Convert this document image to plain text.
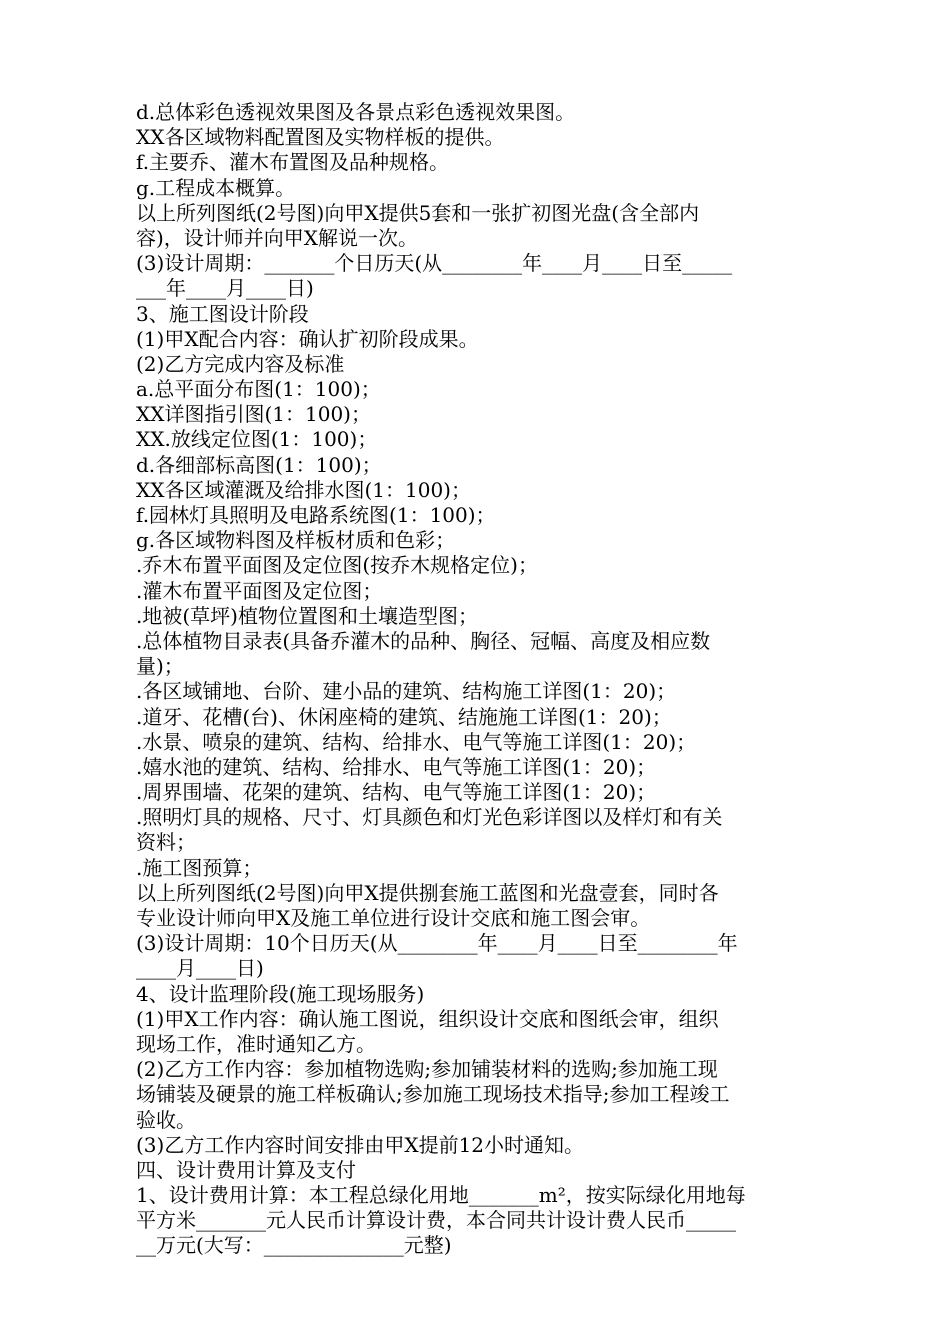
d.总体彩色透视效果图及各景点彩色透视效果图。
XX各区域物料配置图及实物样板的提供。
f.主要乔、灌木布置图及品种规格。
g.工程成本概算。
以上所列图纸(2号图)向甲X提供5套和一张扩初图光盘(含全部内
容)，设计师并向甲X解说一次。
(3)设计周期：_______个日历天(从________年____月____日至_____
___年____月____日)
3、施工图设计阶段
(1)甲X配合内容：确认扩初阶段成果。
(2)乙方完成内容及标准
a.总平面分布图(1：100)；
XX详图指引图(1：100)；
XX.放线定位图(1：100)；
d.各细部标高图(1：100)；
XX各区域灌溉及给排水图(1：100)；
f.园林灯具照明及电路系统图(1：100)；
g.各区域物料图及样板材质和色彩；
.乔木布置平面图及定位图(按乔木规格定位)；
.灌木布置平面图及定位图；
.地被(草坪)植物位置图和土壤造型图；
.总体植物目录表(具备乔灌木的品种、胸径、冠幅、高度及相应数
量)；
.各区域铺地、台阶、建小品的建筑、结构施工详图(1：20)；
.道牙、花槽(台)、休闲座椅的建筑、结施施工详图(1：20)；
.水景、喷泉的建筑、结构、给排水、电气等施工详图(1：20)；
.嬉水池的建筑、结构、给排水、电气等施工详图(1：20)；
.周界围墙、花架的建筑、结构、电气等施工详图(1：20)；
.照明灯具的规格、尺寸、灯具颜色和灯光色彩详图以及样灯和有关
资料；
.施工图预算；
以上所列图纸(2号图)向甲X提供捌套施工蓝图和光盘壹套，同时各
专业设计师向甲X及施工单位进行设计交底和施工图会审。
(3)设计周期：10个日历天(从________年____月____日至________年
____月____日)
4、设计监理阶段(施工现场服务)
(1)甲X工作内容：确认施工图说，组织设计交底和图纸会审，组织
现场工作，准时通知乙方。
(2)乙方工作内容：参加植物选购;参加铺装材料的选购;参加施工现
场铺装及硬景的施工样板确认;参加施工现场技术指导;参加工程竣工
验收。
(3)乙方工作内容时间安排由甲X提前12小时通知。
四、设计费用计算及支付
1、设计费用计算：本工程总绿化用地_______m²，按实际绿化用地每
平方米_______元人民币计算设计费，本合同共计设计费人民币_____
__万元(大写：______________元整)
